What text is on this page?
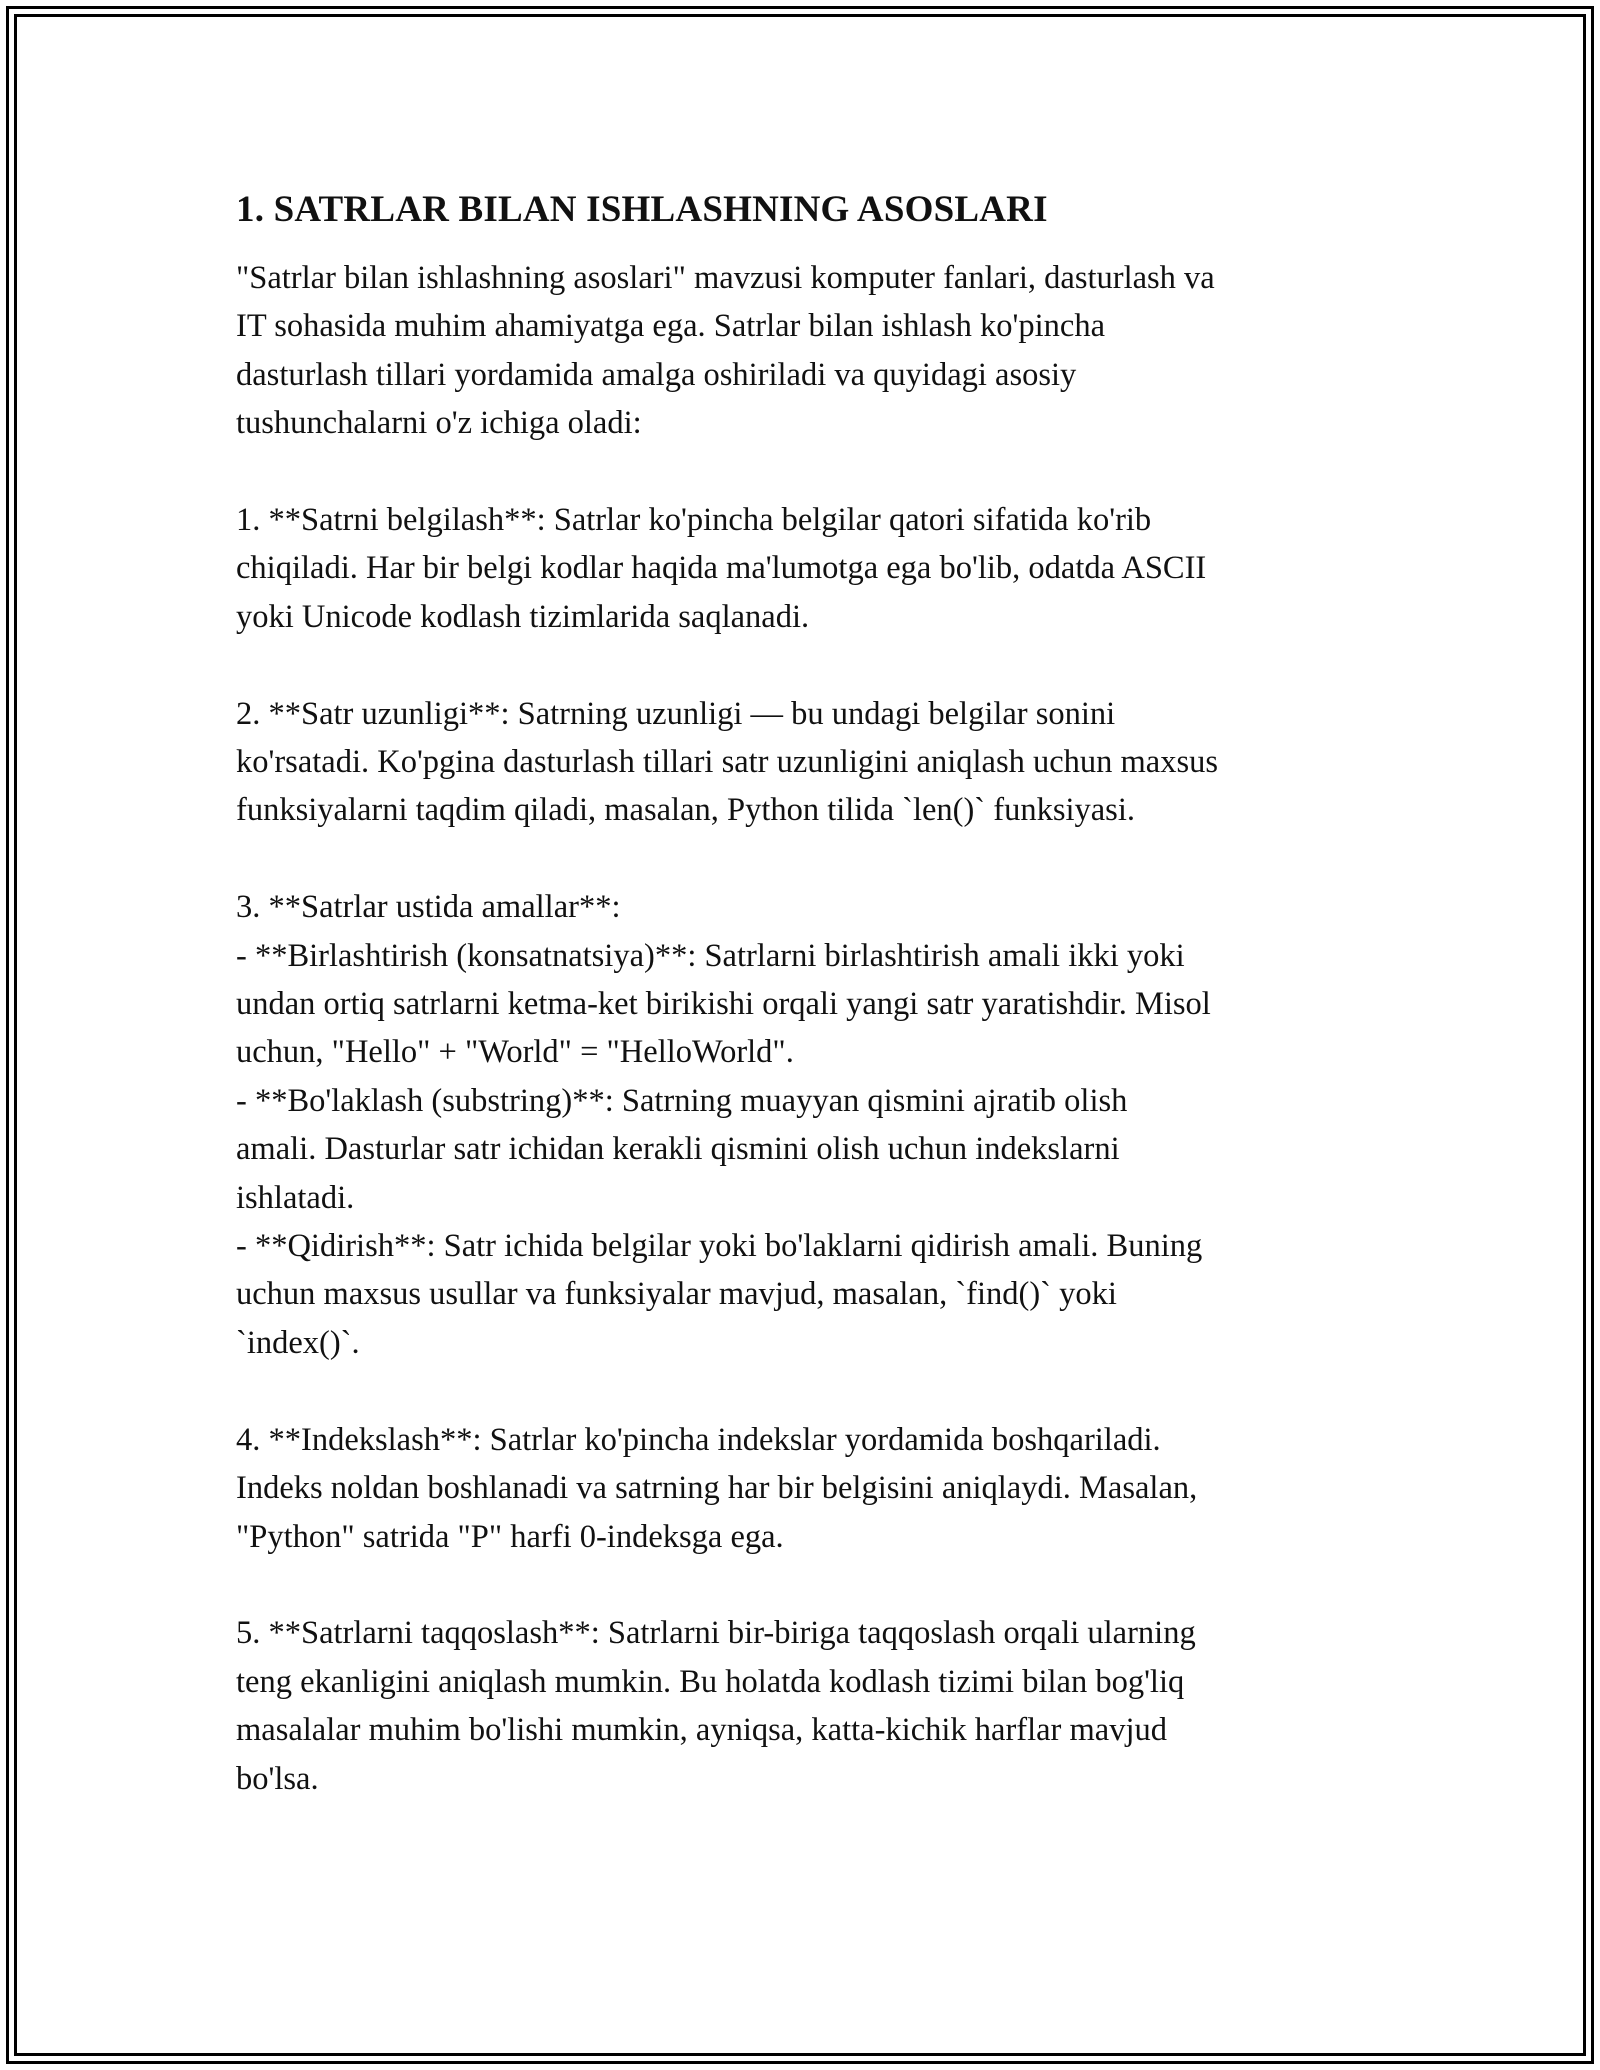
1. SATRLAR BILAN ISHLASHNING ASOSLARI

"Satrlar bilan ishlashning asoslari" mavzusi komputer fanlari, dasturlash va
IT sohasida muhim ahamiyatga ega. Satrlar bilan ishlash ko'pincha
dasturlash tillari yordamida amalga oshiriladi va quyidagi asosiy
tushunchalarni o'z ichiga oladi:

1. **Satrni belgilash**: Satrlar ko'pincha belgilar qatori sifatida ko'rib
chiqiladi. Har bir belgi kodlar haqida ma'lumotga ega bo'lib, odatda ASCII
yoki Unicode kodlash tizimlarida saqlanadi.

2. **Satr uzunligi**: Satrning uzunligi — bu undagi belgilar sonini
ko'rsatadi. Ko'pgina dasturlash tillari satr uzunligini aniqlash uchun maxsus
funksiyalarni taqdim qiladi, masalan, Python tilida `len()` funksiyasi.

3. **Satrlar ustida amallar**:
- **Birlashtirish (konsatnatsiya)**: Satrlarni birlashtirish amali ikki yoki
undan ortiq satrlarni ketma-ket birikishi orqali yangi satr yaratishdir. Misol
uchun, "Hello" + "World" = "HelloWorld".
- **Bo'laklash (substring)**: Satrning muayyan qismini ajratib olish
amali. Dasturlar satr ichidan kerakli qismini olish uchun indekslarni
ishlatadi.
- **Qidirish**: Satr ichida belgilar yoki bo'laklarni qidirish amali. Buning
uchun maxsus usullar va funksiyalar mavjud, masalan, `find()` yoki
`index()`.

4. **Indekslash**: Satrlar ko'pincha indekslar yordamida boshqariladi.
Indeks noldan boshlanadi va satrning har bir belgisini aniqlaydi. Masalan,
"Python" satrida "P" harfi 0-indeksga ega.

5. **Satrlarni taqqoslash**: Satrlarni bir-biriga taqqoslash orqali ularning
teng ekanligini aniqlash mumkin. Bu holatda kodlash tizimi bilan bog'liq
masalalar muhim bo'lishi mumkin, ayniqsa, katta-kichik harflar mavjud
bo'lsa.
